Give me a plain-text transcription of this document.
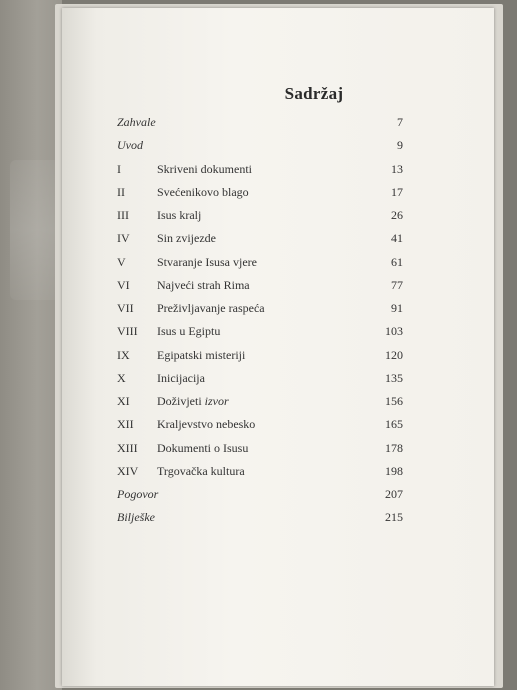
Sadržaj
Zahvale	7
Uvod	9
I	Skriveni dokumenti	13
II	Svećenikovo blago	17
III	Isus kralj	26
IV	Sin zvijezde	41
V	Stvaranje Isusa vjere	61
VI	Najveći strah Rima	77
VII	Preživljavanje raspeća	91
VIII	Isus u Egiptu	103
IX	Egipatski misteriji	120
X	Inicijacija	135
XI	Doživjeti izvor	156
XII	Kraljevstvo nebesko	165
XIII	Dokumenti o Isusu	178
XIV	Trgovačka kultura	198
Pogovor	207
Bilješke	215
